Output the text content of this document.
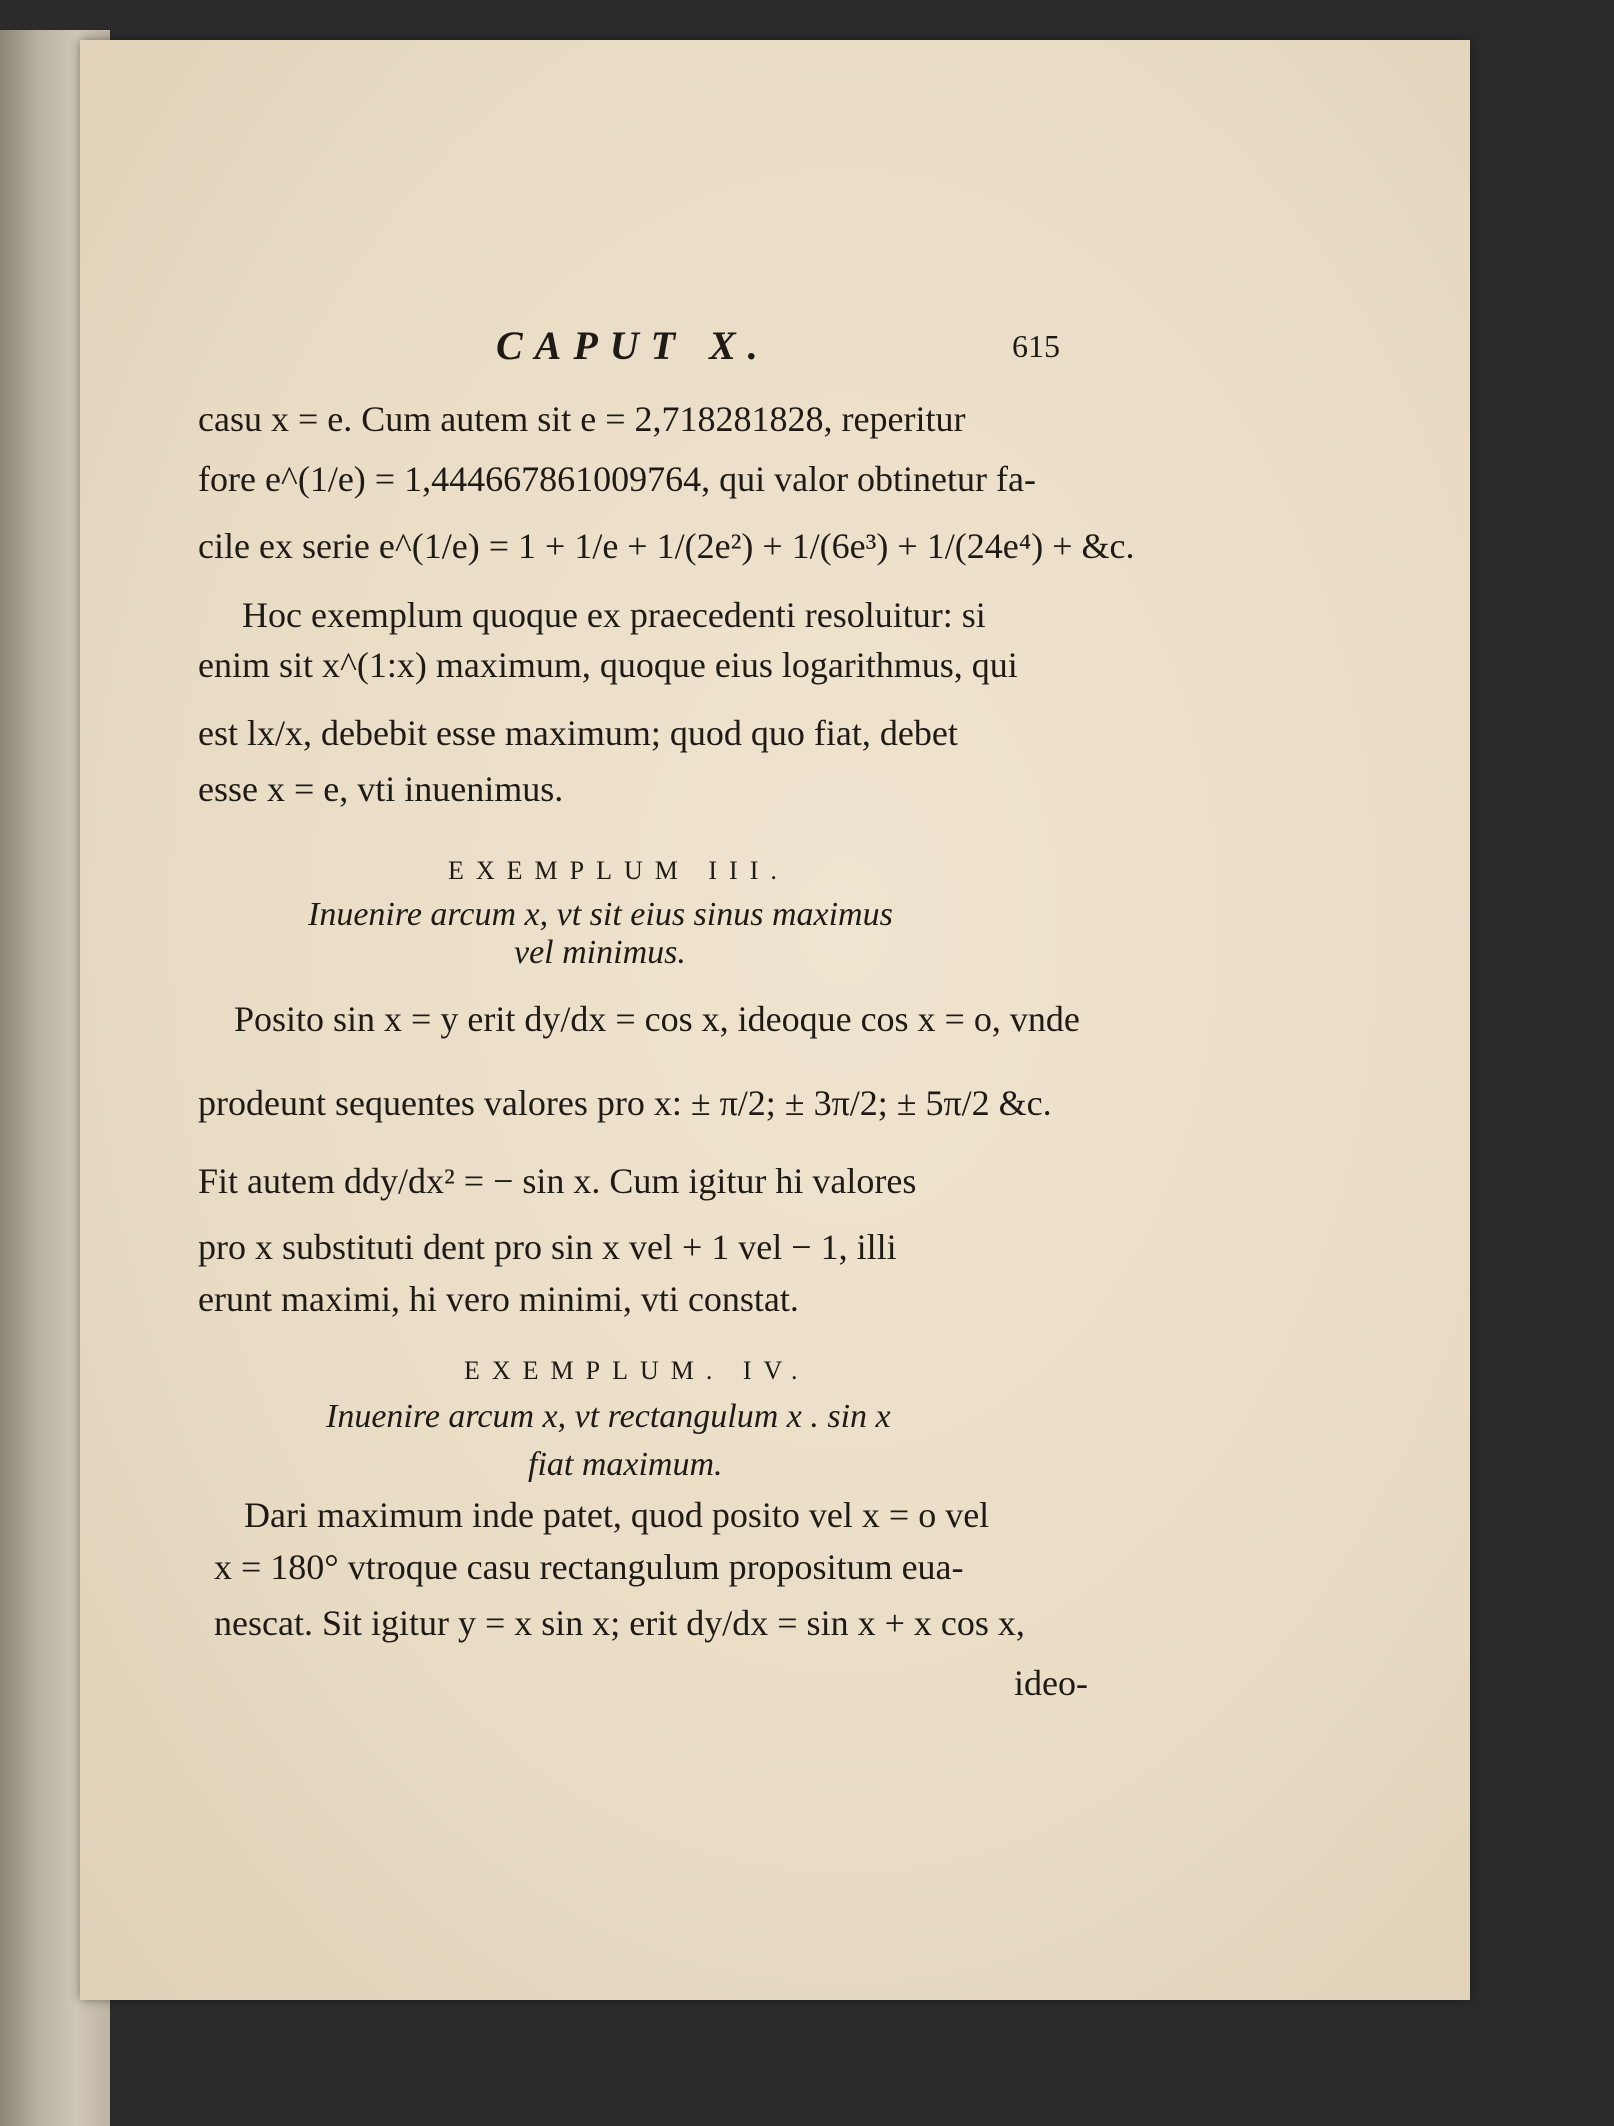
CAPUT X.	615
casu x = e. Cum autem sit e = 2,718281828, reperitur
fore e^(1/e) = 1,444667861009764, qui valor obtinetur fa-
cile ex serie e^(1/e) = 1 + 1/e + 1/(2e²) + 1/(6e³) + 1/(24e⁴) + &c.
Hoc exemplum quoque ex praecedenti resoluitur: si
enim sit x^(1:x) maximum, quoque eius logarithmus, qui
est lx/x, debebit esse maximum; quod quo fiat, debet
esse x = e, vti inuenimus.
EXEMPLUM III.
Inuenire arcum x, vt sit eius sinus maximus
vel minimus.
Posito sin x = y erit dy/dx = cos x, ideoque cos x = o, vnde
prodeunt sequentes valores pro x: ± π/2; ± 3π/2; ± 5π/2 &c.
Fit autem ddy/dx² = − sin x. Cum igitur hi valores
pro x substituti dent pro sin x vel + 1 vel − 1, illi
erunt maximi, hi vero minimi, vti constat.
EXEMPLUM. IV.
Inuenire arcum x, vt rectangulum x . sin x
fiat maximum.
Dari maximum inde patet, quod posito vel x = o vel
x = 180° vtroque casu rectangulum propositum eua-
nescat. Sit igitur y = x sin x; erit dy/dx = sin x + x cos x,
ideo-
